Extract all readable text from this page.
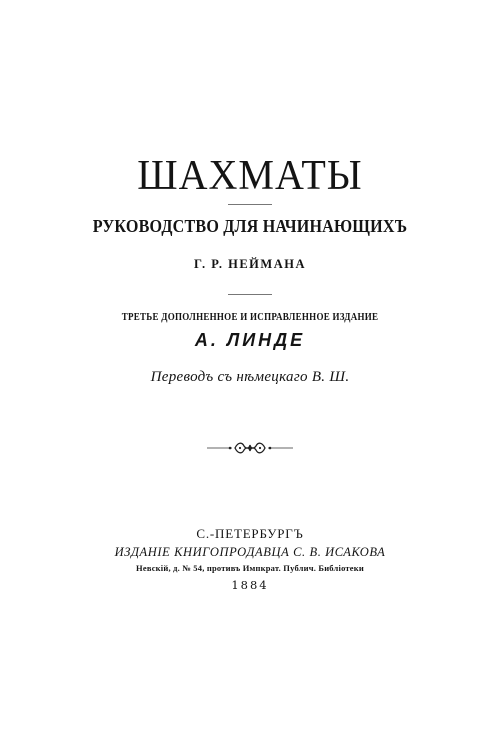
ШАХМАТЫ
РУКОВОДСТВО ДЛЯ НАЧИНАЮЩИХЪ
Г. Р. НЕЙМАНА
ТРЕТЬЕ ДОПОЛНЕННОЕ И ИСПРАВЛЕННОЕ ИЗДАНИЕ
А. ЛИНДЕ
Переводъ съ нѣмецкаго В. Ш.
С.-ПЕТЕРБУРГЪ
ИЗДАНІЕ КНИГОПРОДАВЦА С. В. ИСАКОВА
Невскій, д. № 54, противъ Импкрат. Публич. Библіотеки
1884
